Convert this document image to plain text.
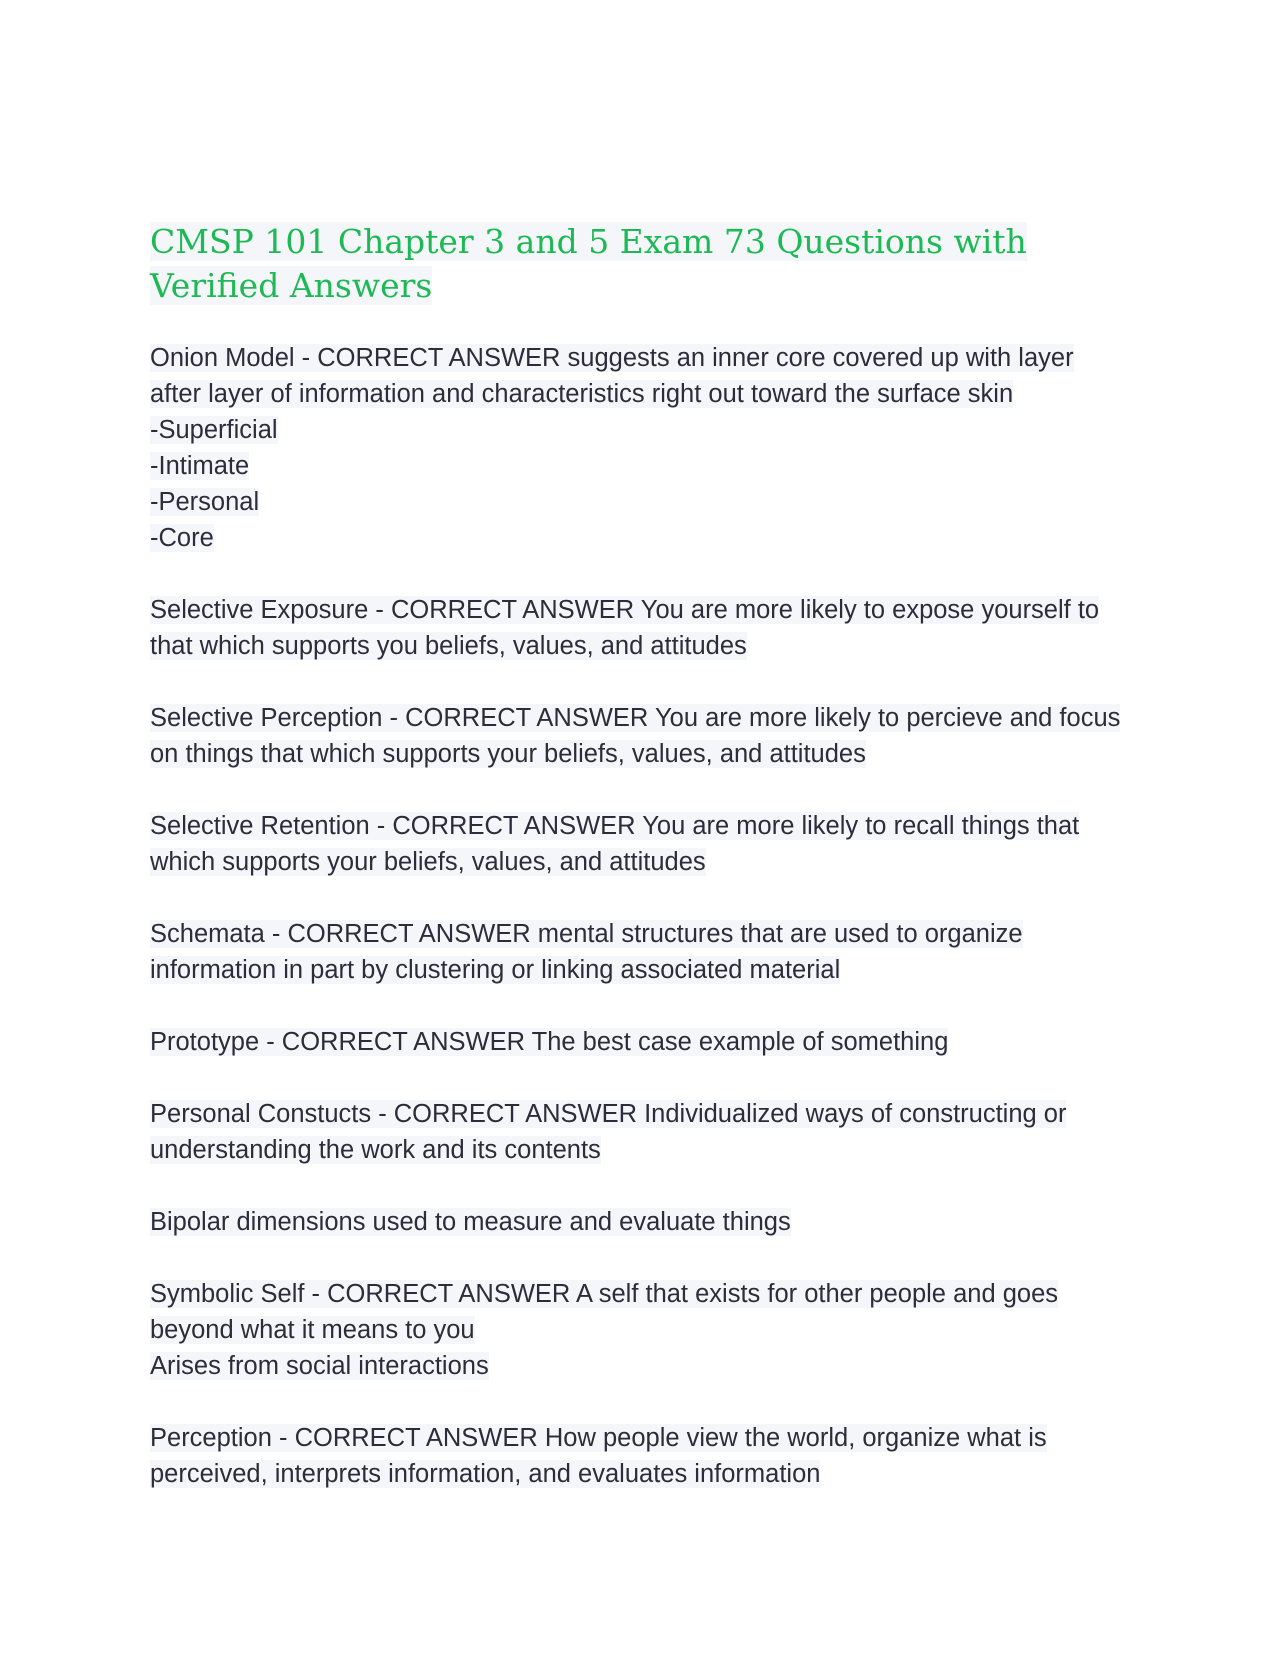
CMSP 101 Chapter 3 and 5 Exam 73 Questions with Verified Answers
Onion Model - CORRECT ANSWER suggests an inner core covered up with layer after layer of information and characteristics right out toward the surface skin
-Superficial
-Intimate
-Personal
-Core
Selective Exposure - CORRECT ANSWER You are more likely to expose yourself to that which supports you beliefs, values, and attitudes
Selective Perception - CORRECT ANSWER You are more likely to percieve and focus on things that which supports your beliefs, values, and attitudes
Selective Retention - CORRECT ANSWER You are more likely to recall things that which supports your beliefs, values, and attitudes
Schemata - CORRECT ANSWER mental structures that are used to organize information in part by clustering or linking associated material
Prototype - CORRECT ANSWER The best case example of something
Personal Constucts - CORRECT ANSWER Individualized ways of constructing or understanding the work and its contents
Bipolar dimensions used to measure and evaluate things
Symbolic Self - CORRECT ANSWER A self that exists for other people and goes beyond what it means to you
Arises from social interactions
Perception - CORRECT ANSWER How people view the world, organize what is perceived, interprets information, and evaluates information
